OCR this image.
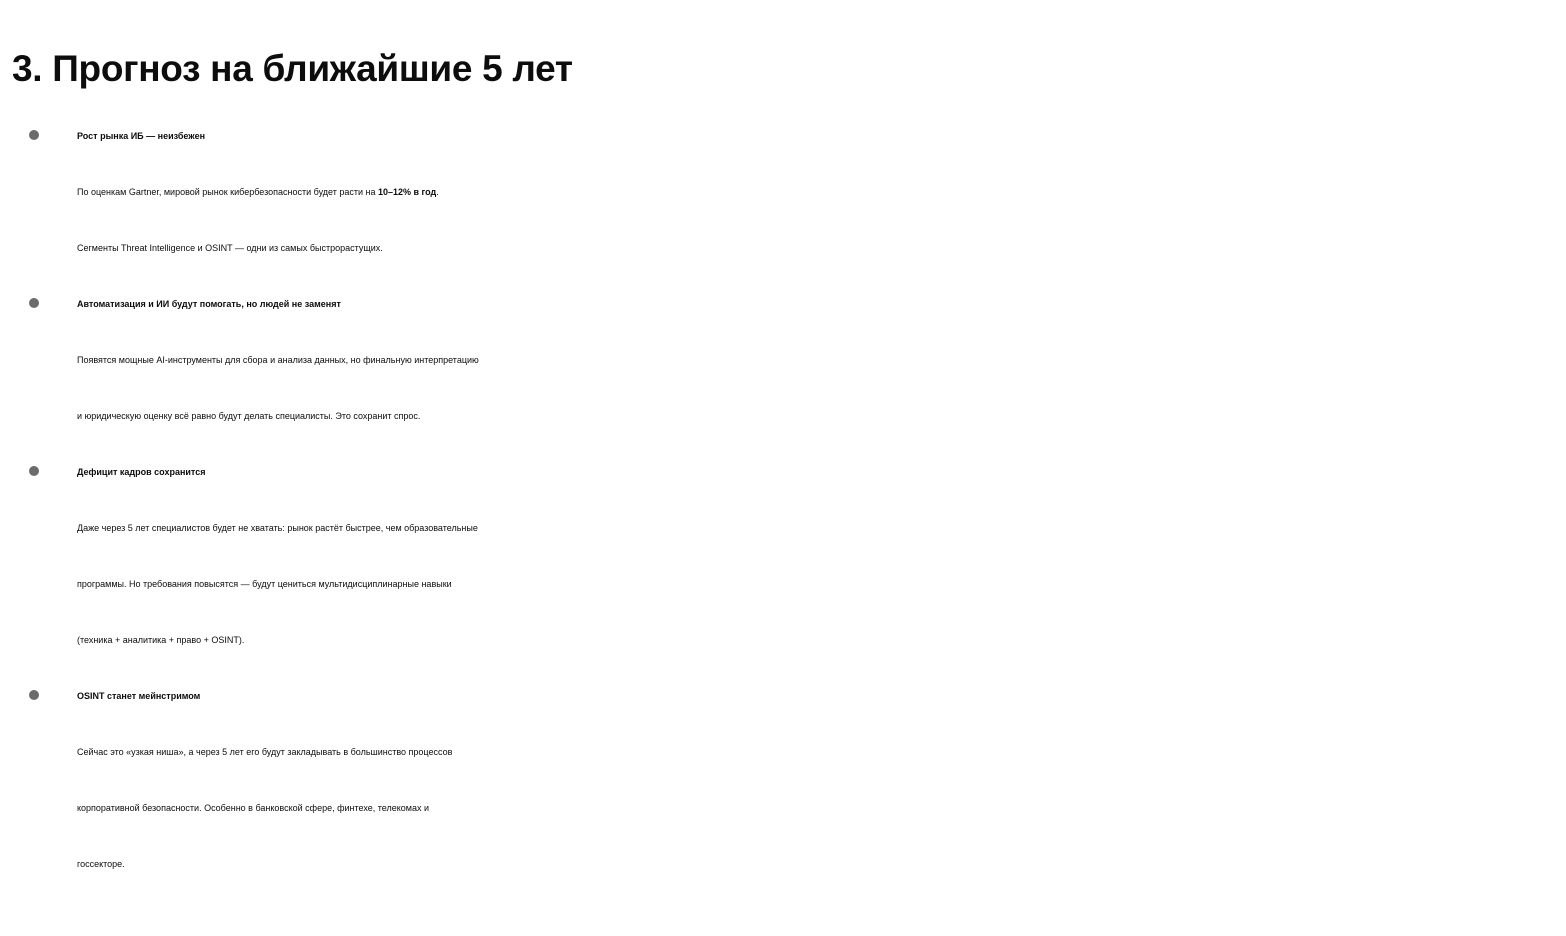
3. Прогноз на ближайшие 5 лет
Рост рынка ИБ — неизбежен
По оценкам Gartner, мировой рынок кибербезопасности будет расти на 10–12% в год.
Сегменты Threat Intelligence и OSINT — одни из самых быстрорастущих.
Автоматизация и ИИ будут помогать, но людей не заменят
Появятся мощные AI-инструменты для сбора и анализа данных, но финальную интерпретацию
и юридическую оценку всё равно будут делать специалисты. Это сохранит спрос.
Дефицит кадров сохранится
Даже через 5 лет специалистов будет не хватать: рынок растёт быстрее, чем образовательные
программы. Но требования повысятся — будут цениться мультидисциплинарные навыки
(техника + аналитика + право + OSINT).
OSINT станет мейнстримом
Сейчас это «узкая ниша», а через 5 лет его будут закладывать в большинство процессов
корпоративной безопасности. Особенно в банковской сфере, финтехе, телекомах и
госсекторе.
